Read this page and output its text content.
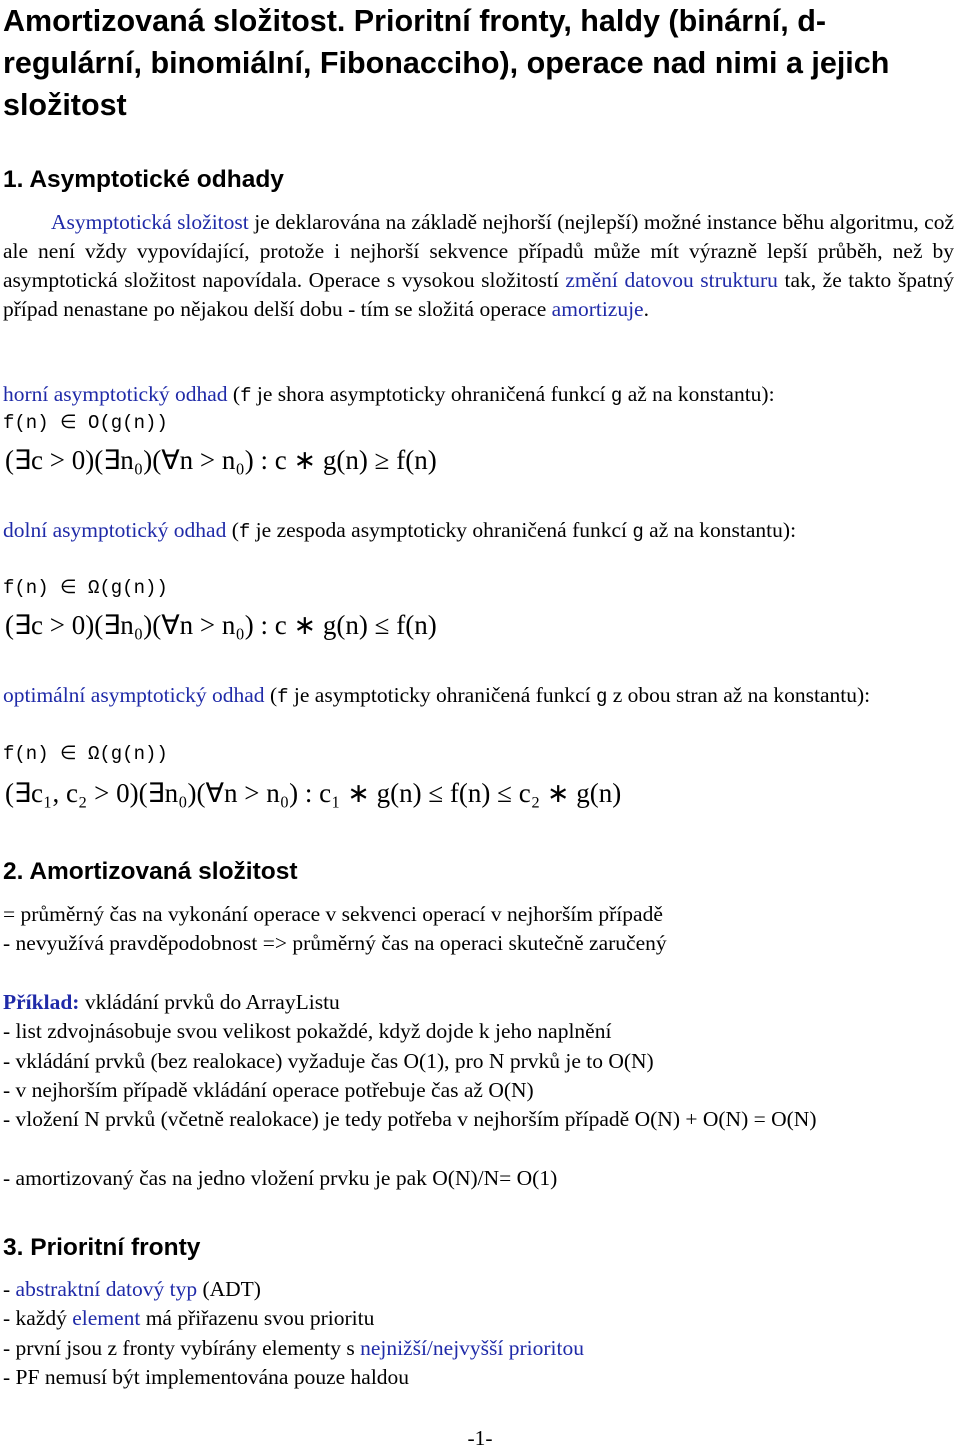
Amortizovaná složitost. Prioritní fronty, haldy (binární, d-regulární, binomiální, Fibonacciho), operace nad nimi a jejich složitost
1. Asymptotické odhady
Asymptotická složitost je deklarována na základě nejhorší (nejlepší) možné instance běhu algoritmu, což ale není vždy vypovídající, protože i nejhorší sekvence případů může mít výrazně lepší průběh, než by asymptotická složitost napovídala. Operace s vysokou složitostí změní datovou strukturu tak, že takto špatný případ nenastane po nějakou delší dobu - tím se složitá operace amortizuje.
horní asymptotický odhad (f je shora asymptoticky ohraničená funkcí g až na konstantu):
f(n) ∈ O(g(n))
(∃c > 0)(∃n₀)(∀n > n₀) : c ∗ g(n) ≥ f(n)
dolní asymptotický odhad (f je zespoda asymptoticky ohraničená funkcí g až na konstantu):
f(n) ∈ Ω(g(n))
(∃c > 0)(∃n₀)(∀n > n₀) : c ∗ g(n) ≤ f(n)
optimální asymptotický odhad (f je asymptoticky ohraničená funkcí g z obou stran až na konstantu):
f(n) ∈ Ω(g(n))
(∃c₁, c₂ > 0)(∃n₀)(∀n > n₀) : c₁ ∗ g(n) ≤ f(n) ≤ c₂ ∗ g(n)
2. Amortizovaná složitost
= průměrný čas na vykonání operace v sekvenci operací v nejhorším případě
- nevyužívá pravděpodobnost => průměrný čas na operaci skutečně zaručený
Příklad: vkládání prvků do ArrayListu
- list zdvojnásobuje svou velikost pokaždé, když dojde k jeho naplnění
- vkládání prvků (bez realokace) vyžaduje čas O(1), pro N prvků je to O(N)
- v nejhorším případě vkládání operace potřebuje čas až O(N)
- vložení N prvků (včetně realokace) je tedy potřeba v nejhorším případě O(N) + O(N) = O(N)
- amortizovaný čas na jedno vložení prvku je pak O(N)/N= O(1)
3. Prioritní fronty
- abstraktní datový typ (ADT)
- každý element má přiřazenu svou prioritu
- první jsou z fronty vybírány elementy s nejnižší/nejvyšší prioritou
- PF nemusí být implementována pouze haldou
-1-
